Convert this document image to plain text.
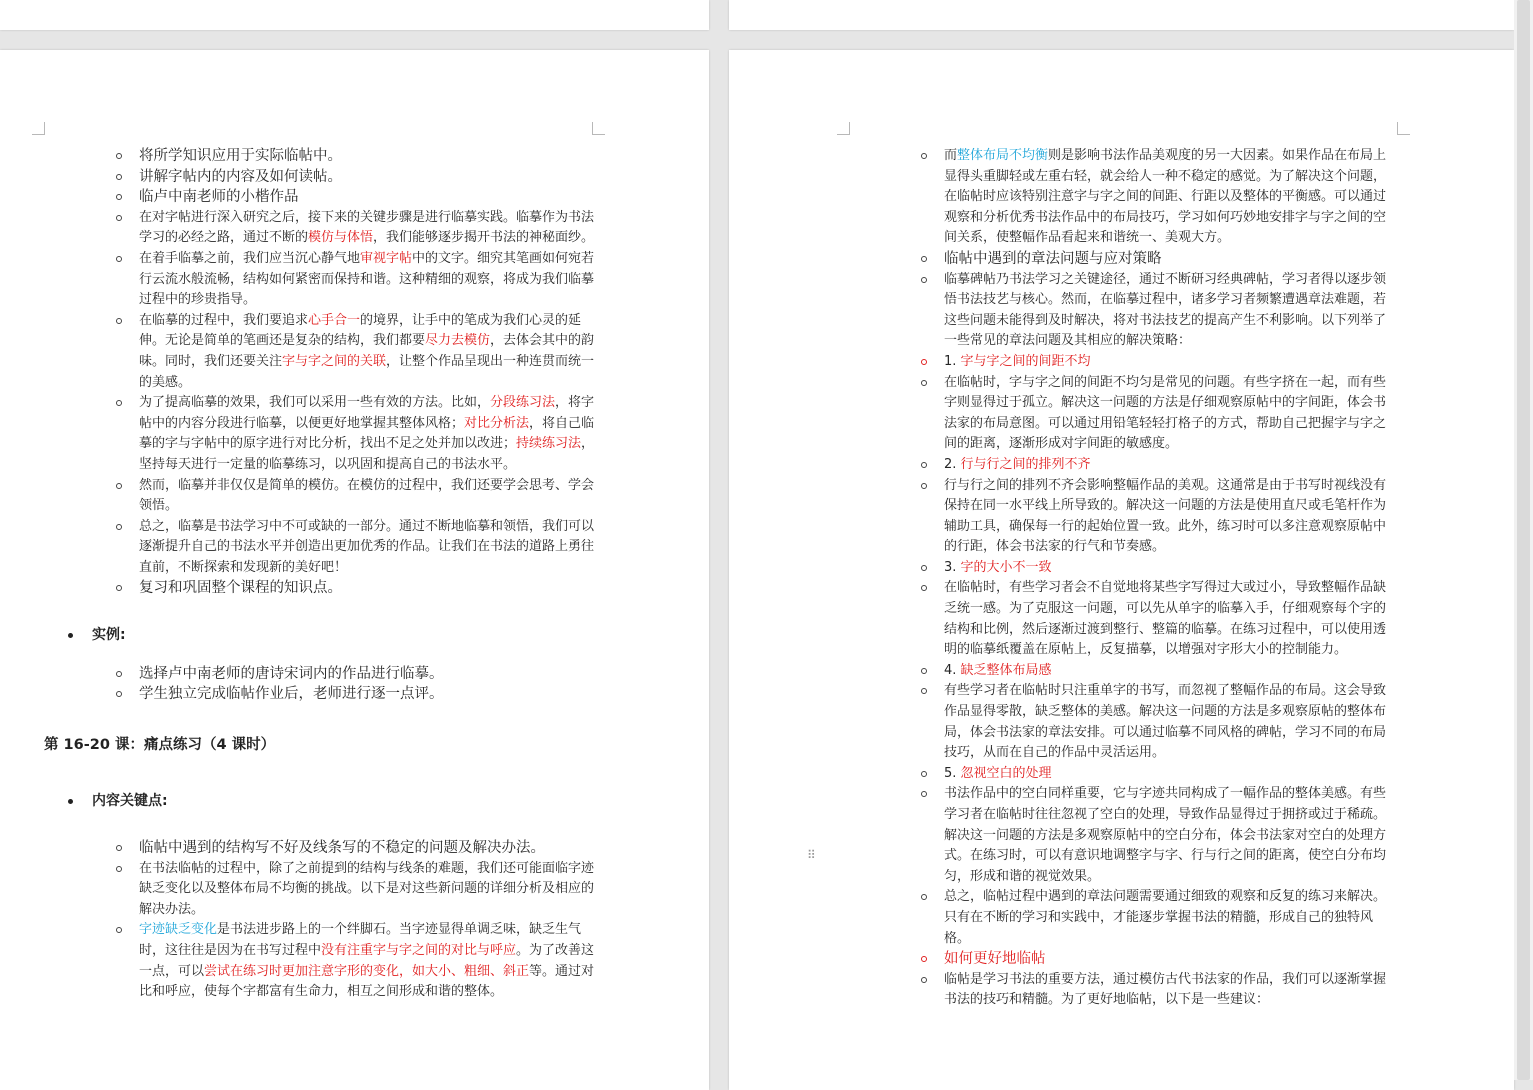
将所学知识应用于实际临帖中。
讲解字帖内的内容及如何读帖。
临卢中南老师的小楷作品
在对字帖进行深入研究之后，接下来的关键步骤是进行临摹实践。临摹作为书法学习的必经之路，通过不断的模仿与体悟，我们能够逐步揭开书法的神秘面纱。
在着手临摹之前，我们应当沉心静气地审视字帖中的文字。细究其笔画如何宛若行云流水般流畅，结构如何紧密而保持和谐。这种精细的观察，将成为我们临摹过程中的珍贵指导。
在临摹的过程中，我们要追求心手合一的境界，让手中的笔成为我们心灵的延伸。无论是简单的笔画还是复杂的结构，我们都要尽力去模仿，去体会其中的韵味。同时，我们还要关注字与字之间的关联，让整个作品呈现出一种连贯而统一的美感。
为了提高临摹的效果，我们可以采用一些有效的方法。比如，分段练习法，将字帖中的内容分段进行临摹，以便更好地掌握其整体风格；对比分析法，将自己临摹的字与字帖中的原字进行对比分析，找出不足之处并加以改进；持续练习法，坚持每天进行一定量的临摹练习，以巩固和提高自己的书法水平。
然而，临摹并非仅仅是简单的模仿。在模仿的过程中，我们还要学会思考、学会领悟。
总之，临摹是书法学习中不可或缺的一部分。通过不断地临摹和领悟，我们可以逐渐提升自己的书法水平并创造出更加优秀的作品。让我们在书法的道路上勇往直前，不断探索和发现新的美好吧！
复习和巩固整个课程的知识点。
实例:
选择卢中南老师的唐诗宋词内的作品进行临摹。
学生独立完成临帖作业后，老师进行逐一点评。
第 16-20 课：痛点练习（4 课时）
内容关键点:
临帖中遇到的结构写不好及线条写的不稳定的问题及解决办法。
在书法临帖的过程中，除了之前提到的结构与线条的难题，我们还可能面临字迹缺乏变化以及整体布局不均衡的挑战。以下是对这些新问题的详细分析及相应的解决办法。
字迹缺乏变化是书法进步路上的一个绊脚石。当字迹显得单调乏味，缺乏生气时，这往往是因为在书写过程中没有注重字与字之间的对比与呼应。为了改善这一点，可以尝试在练习时更加注意字形的变化，如大小、粗细、斜正等。通过对比和呼应，使每个字都富有生命力，相互之间形成和谐的整体。
而整体布局不均衡则是影响书法作品美观度的另一大因素。如果作品在布局上显得头重脚轻或左重右轻，就会给人一种不稳定的感觉。为了解决这个问题，在临帖时应该特别注意字与字之间的间距、行距以及整体的平衡感。可以通过观察和分析优秀书法作品中的布局技巧，学习如何巧妙地安排字与字之间的空间关系，使整幅作品看起来和谐统一、美观大方。
临帖中遇到的章法问题与应对策略
临摹碑帖乃书法学习之关键途径，通过不断研习经典碑帖，学习者得以逐步领悟书法技艺与核心。然而，在临摹过程中，诸多学习者频繁遭遇章法难题，若这些问题未能得到及时解决，将对书法技艺的提高产生不利影响。以下列举了一些常见的章法问题及其相应的解决策略：
1. 字与字之间的间距不均
在临帖时，字与字之间的间距不均匀是常见的问题。有些字挤在一起，而有些字则显得过于孤立。解决这一问题的方法是仔细观察原帖中的字间距，体会书法家的布局意图。可以通过用铅笔轻轻打格子的方式，帮助自己把握字与字之间的距离，逐渐形成对字间距的敏感度。
2. 行与行之间的排列不齐
行与行之间的排列不齐会影响整幅作品的美观。这通常是由于书写时视线没有保持在同一水平线上所导致的。解决这一问题的方法是使用直尺或毛笔杆作为辅助工具，确保每一行的起始位置一致。此外，练习时可以多注意观察原帖中的行距，体会书法家的行气和节奏感。
3. 字的大小不一致
在临帖时，有些学习者会不自觉地将某些字写得过大或过小，导致整幅作品缺乏统一感。为了克服这一问题，可以先从单字的临摹入手，仔细观察每个字的结构和比例，然后逐渐过渡到整行、整篇的临摹。在练习过程中，可以使用透明的临摹纸覆盖在原帖上，反复描摹，以增强对字形大小的控制能力。
4. 缺乏整体布局感
有些学习者在临帖时只注重单字的书写，而忽视了整幅作品的布局。这会导致作品显得零散，缺乏整体的美感。解决这一问题的方法是多观察原帖的整体布局，体会书法家的章法安排。可以通过临摹不同风格的碑帖，学习不同的布局技巧，从而在自己的作品中灵活运用。
5. 忽视空白的处理
书法作品中的空白同样重要，它与字迹共同构成了一幅作品的整体美感。有些学习者在临帖时往往忽视了空白的处理，导致作品显得过于拥挤或过于稀疏。解决这一问题的方法是多观察原帖中的空白分布，体会书法家对空白的处理方式。在练习时，可以有意识地调整字与字、行与行之间的距离，使空白分布均匀，形成和谐的视觉效果。
总之，临帖过程中遇到的章法问题需要通过细致的观察和反复的练习来解决。只有在不断的学习和实践中，才能逐步掌握书法的精髓，形成自己的独特风格。
如何更好地临帖
临帖是学习书法的重要方法，通过模仿古代书法家的作品，我们可以逐渐掌握书法的技巧和精髓。为了更好地临帖，以下是一些建议：
⠿
